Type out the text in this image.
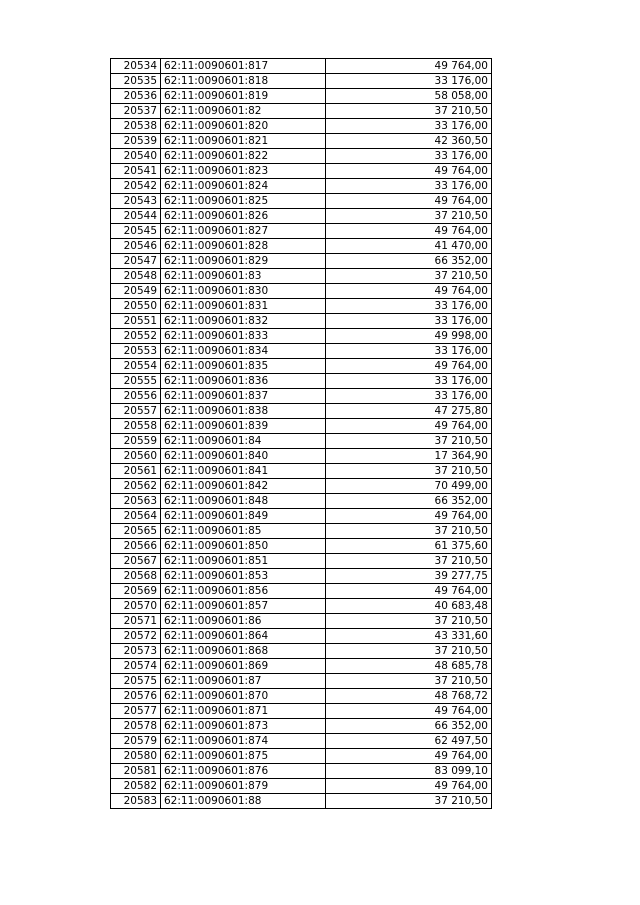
20534	62:11:0090601:817	49 764,00
20535	62:11:0090601:818	33 176,00
20536	62:11:0090601:819	58 058,00
20537	62:11:0090601:82	37 210,50
20538	62:11:0090601:820	33 176,00
20539	62:11:0090601:821	42 360,50
20540	62:11:0090601:822	33 176,00
20541	62:11:0090601:823	49 764,00
20542	62:11:0090601:824	33 176,00
20543	62:11:0090601:825	49 764,00
20544	62:11:0090601:826	37 210,50
20545	62:11:0090601:827	49 764,00
20546	62:11:0090601:828	41 470,00
20547	62:11:0090601:829	66 352,00
20548	62:11:0090601:83	37 210,50
20549	62:11:0090601:830	49 764,00
20550	62:11:0090601:831	33 176,00
20551	62:11:0090601:832	33 176,00
20552	62:11:0090601:833	49 998,00
20553	62:11:0090601:834	33 176,00
20554	62:11:0090601:835	49 764,00
20555	62:11:0090601:836	33 176,00
20556	62:11:0090601:837	33 176,00
20557	62:11:0090601:838	47 275,80
20558	62:11:0090601:839	49 764,00
20559	62:11:0090601:84	37 210,50
20560	62:11:0090601:840	17 364,90
20561	62:11:0090601:841	37 210,50
20562	62:11:0090601:842	70 499,00
20563	62:11:0090601:848	66 352,00
20564	62:11:0090601:849	49 764,00
20565	62:11:0090601:85	37 210,50
20566	62:11:0090601:850	61 375,60
20567	62:11:0090601:851	37 210,50
20568	62:11:0090601:853	39 277,75
20569	62:11:0090601:856	49 764,00
20570	62:11:0090601:857	40 683,48
20571	62:11:0090601:86	37 210,50
20572	62:11:0090601:864	43 331,60
20573	62:11:0090601:868	37 210,50
20574	62:11:0090601:869	48 685,78
20575	62:11:0090601:87	37 210,50
20576	62:11:0090601:870	48 768,72
20577	62:11:0090601:871	49 764,00
20578	62:11:0090601:873	66 352,00
20579	62:11:0090601:874	62 497,50
20580	62:11:0090601:875	49 764,00
20581	62:11:0090601:876	83 099,10
20582	62:11:0090601:879	49 764,00
20583	62:11:0090601:88	37 210,50
